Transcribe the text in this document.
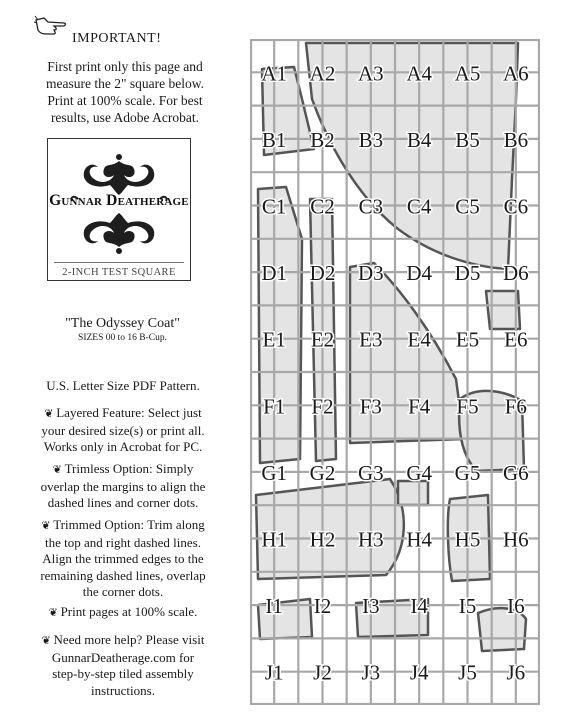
IMPORTANT!
First print only this page and
measure the 2" square below.
Print at 100% scale. For best
results, use Adobe Acrobat.
Gunnar Deatherage
2-INCH TEST SQUARE
"The Odyssey Coat"
SIZES 00 to 16 B-Cup.
U.S. Letter Size PDF Pattern.
❦ Layered Feature: Select just
your desired size(s) or print all.
Works only in Acrobat for PC.
❦ Trimless Option: Simply
overlap the margins to align the
dashed lines and corner dots.
❦ Trimmed Option: Trim along
the top and right dashed lines.
Align the trimmed edges to the
remaining dashed lines, overlap
the corner dots.
❦ Print pages at 100% scale.
❦ Need more help? Please visit
GunnarDeatherage.com for
step-by-step tiled assembly
instructions.
A1 A2 A3 A4 A5 A6
B1 B2 B3 B4 B5 B6
C1 C2 C3 C4 C5 C6
D1 D2 D3 D4 D5 D6
E1 E2 E3 E4 E5 E6
F1 F2 F3 F4 F5 F6
G1 G2 G3 G4 G5 G6
H1 H2 H3 H4 H5 H6
I1 I2 I3 I4 I5 I6
J1 J2 J3 J4 J5 J6
